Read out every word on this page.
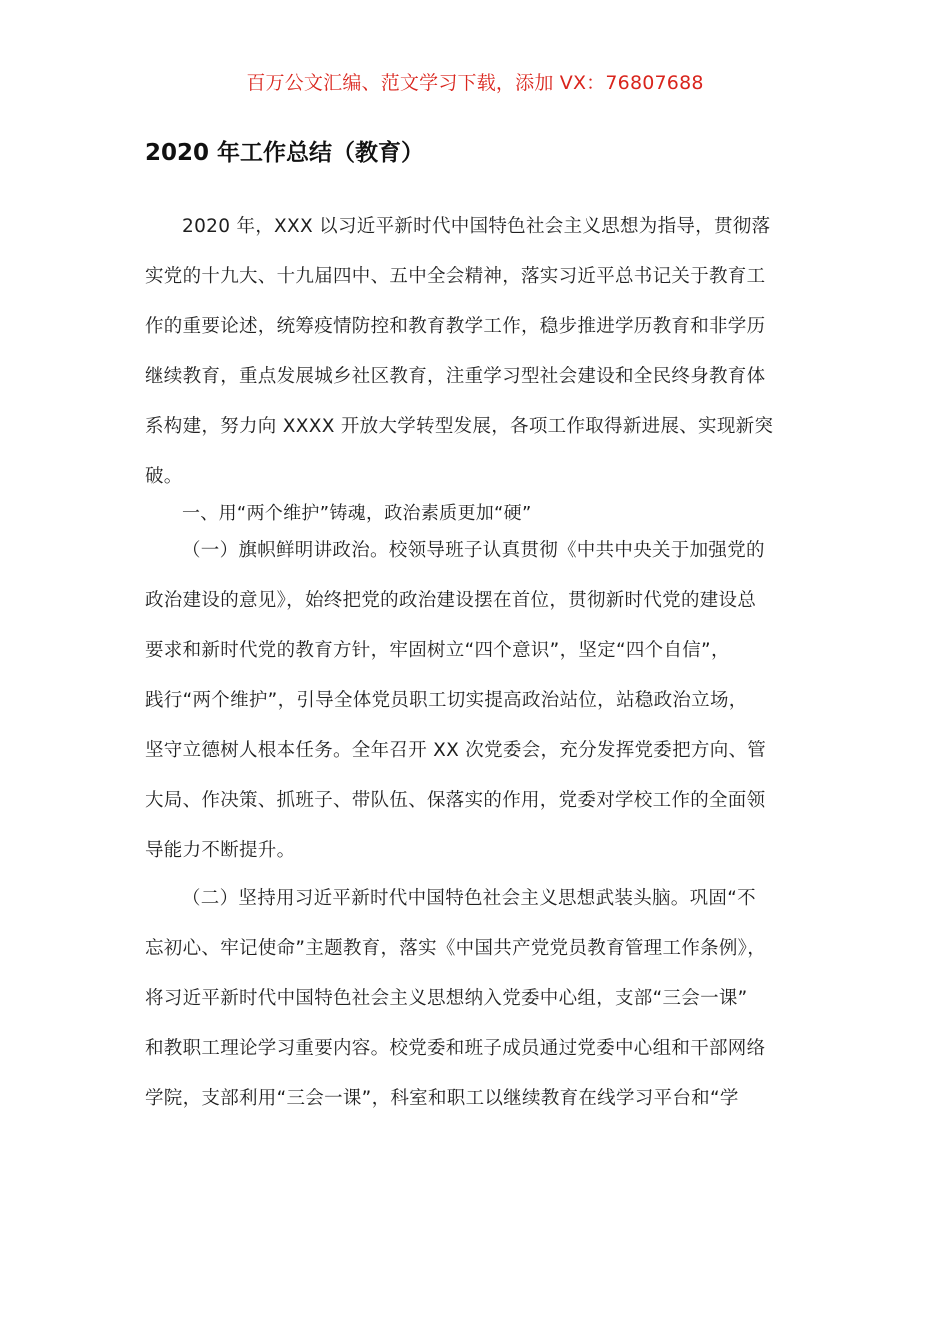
百万公文汇编、范文学习下载，添加 VX：76807688
2020 年工作总结（教育）

2020 年，XXX 以习近平新时代中国特色社会主义思想为指导，贯彻落
实党的十九大、十九届四中、五中全会精神，落实习近平总书记关于教育工
作的重要论述，统筹疫情防控和教育教学工作，稳步推进学历教育和非学历
继续教育，重点发展城乡社区教育，注重学习型社会建设和全民终身教育体
系构建，努力向 XXXX 开放大学转型发展，各项工作取得新进展、实现新突
破。

一、用“两个维护”铸魂，政治素质更加“硬”

（一）旗帜鲜明讲政治。校领导班子认真贯彻《中共中央关于加强党的
政治建设的意见》，始终把党的政治建设摆在首位，贯彻新时代党的建设总
要求和新时代党的教育方针，牢固树立“四个意识”，坚定“四个自信”，
践行“两个维护”，引导全体党员职工切实提高政治站位，站稳政治立场，
坚守立德树人根本任务。全年召开 XX 次党委会，充分发挥党委把方向、管
大局、作决策、抓班子、带队伍、保落实的作用，党委对学校工作的全面领
导能力不断提升。

（二）坚持用习近平新时代中国特色社会主义思想武装头脑。巩固“不
忘初心、牢记使命”主题教育，落实《中国共产党党员教育管理工作条例》，
将习近平新时代中国特色社会主义思想纳入党委中心组，支部“三会一课”
和教职工理论学习重要内容。校党委和班子成员通过党委中心组和干部网络
学院，支部利用“三会一课”，科室和职工以继续教育在线学习平台和“学
